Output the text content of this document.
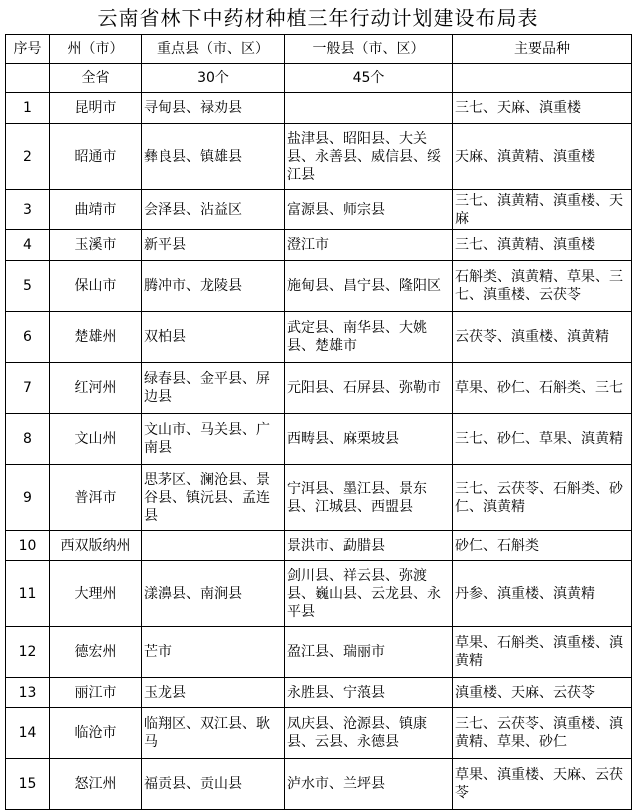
云南省林下中药材种植三年行动计划建设布局表
序号	州（市）	重点县（市、区）	一般县（市、区）	主要品种
	全省	30个	45个	
1	昆明市	寻甸县、禄劝县		三七、天麻、滇重楼
2	昭通市	彝良县、镇雄县	盐津县、昭阳县、大关县、永善县、威信县、绥江县	天麻、滇黄精、滇重楼
3	曲靖市	会泽县、沾益区	富源县、师宗县	三七、滇黄精、滇重楼、天麻
4	玉溪市	新平县	澄江市	三七、滇黄精、滇重楼
5	保山市	腾冲市、龙陵县	施甸县、昌宁县、隆阳区	石斛类、滇黄精、草果、三七、滇重楼、云茯苓
6	楚雄州	双柏县	武定县、南华县、大姚县、楚雄市	云茯苓、滇重楼、滇黄精
7	红河州	绿春县、金平县、屏边县	元阳县、石屏县、弥勒市	草果、砂仁、石斛类、三七
8	文山州	文山市、马关县、广南县	西畴县、麻栗坡县	三七、砂仁、草果、滇黄精
9	普洱市	思茅区、澜沧县、景谷县、镇沅县、孟连县	宁洱县、墨江县、景东县、江城县、西盟县	三七、云茯苓、石斛类、砂仁、滇黄精
10	西双版纳州		景洪市、勐腊县	砂仁、石斛类
11	大理州	漾濞县、南涧县	剑川县、祥云县、弥渡县、巍山县、云龙县、永平县	丹参、滇重楼、滇黄精
12	德宏州	芒市	盈江县、瑞丽市	草果、石斛类、滇重楼、滇黄精
13	丽江市	玉龙县	永胜县、宁蒗县	滇重楼、天麻、云茯苓
14	临沧市	临翔区、双江县、耿马	凤庆县、沧源县、镇康县、云县、永德县	三七、云茯苓、滇重楼、滇黄精、草果、砂仁
15	怒江州	福贡县、贡山县	泸水市、兰坪县	草果、滇重楼、天麻、云茯苓
